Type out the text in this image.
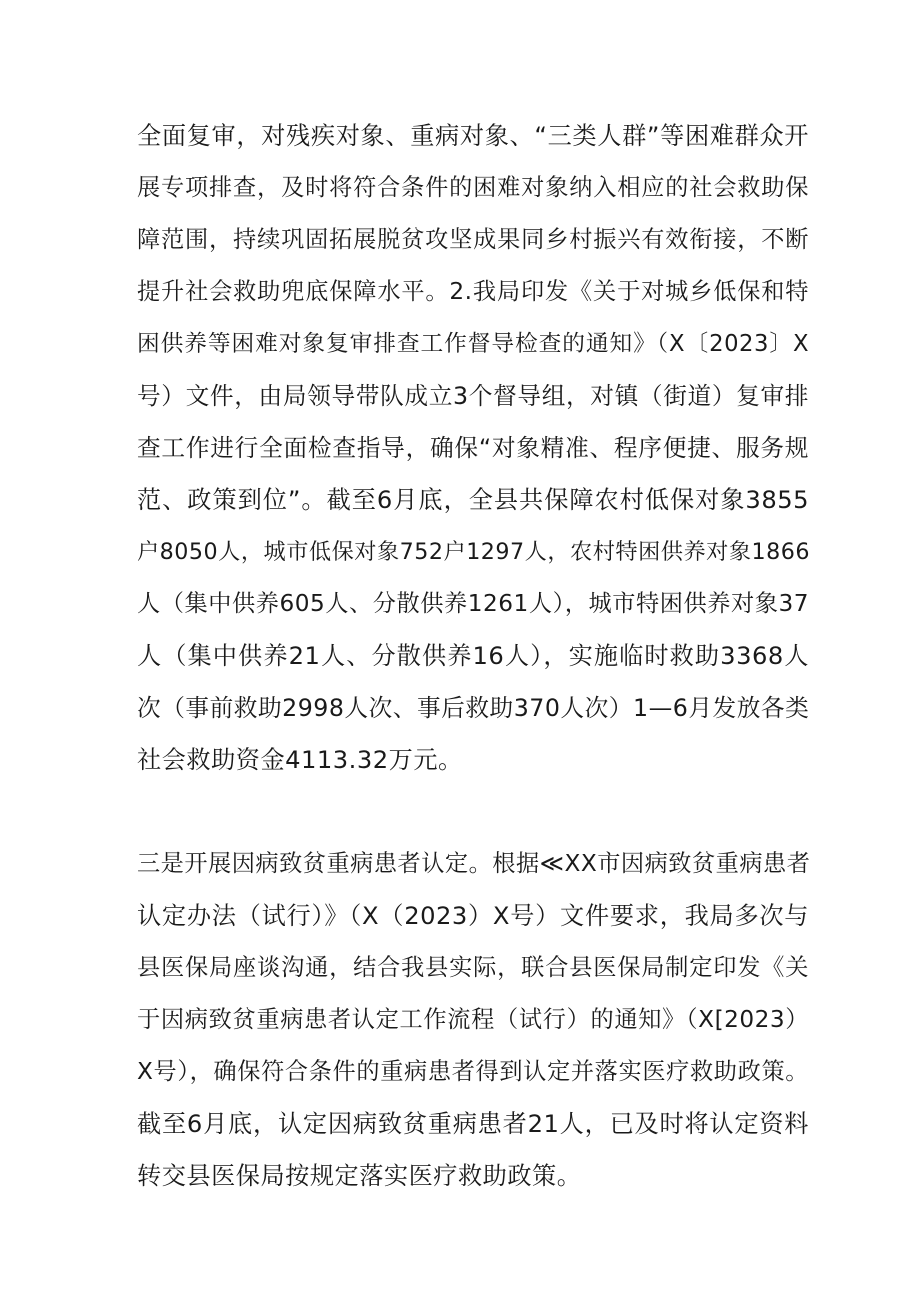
全面复审，对残疾对象、重病对象、“三类人群”等困难群众开
展专项排查，及时将符合条件的困难对象纳入相应的社会救助保
障范围，持续巩固拓展脱贫攻坚成果同乡村振兴有效衔接，不断
提升社会救助兜底保障水平。2.我局印发《关于对城乡低保和特
困供养等困难对象复审排查工作督导检查的通知》（X〔2023〕X
号）文件，由局领导带队成立3个督导组，对镇（街道）复审排
查工作进行全面检查指导，确保“对象精准、程序便捷、服务规
范、政策到位”。截至6月底，全县共保障农村低保对象3855
户8050人，城市低保对象752户1297人，农村特困供养对象1866
人（集中供养605人、分散供养1261人），城市特困供养对象37
人（集中供养21人、分散供养16人），实施临时救助3368人
次（事前救助2998人次、事后救助370人次）1—6月发放各类
社会救助资金4113.32万元。
三是开展因病致贫重病患者认定。根据≪XX市因病致贫重病患者
认定办法（试行）》（X（2023）X号）文件要求，我局多次与
县医保局座谈沟通，结合我县实际，联合县医保局制定印发《关
于因病致贫重病患者认定工作流程（试行）的通知》（X[2023）
X号），确保符合条件的重病患者得到认定并落实医疗救助政策。
截至6月底，认定因病致贫重病患者21人，已及时将认定资料
转交县医保局按规定落实医疗救助政策。
